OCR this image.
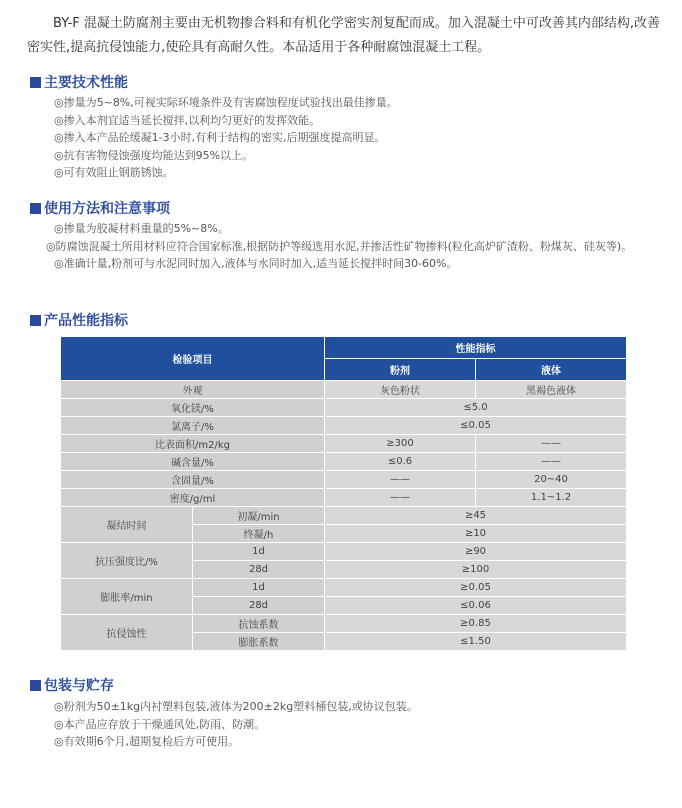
BY-F 混凝土防腐剂主要由无机物掺合料和有机化学密实剂复配而成。加入混凝土中可改善其内部结构,改善密实性,提高抗侵蚀能力,使砼具有高耐久性。本品适用于各种耐腐蚀混凝土工程。
主要技术性能
◎掺量为5~8%,可视实际环境条件及有害腐蚀程度试验找出最佳掺量。
◎掺入本剂宜适当延长搅拌,以利均匀更好的发挥效能。
◎掺入本产品砼缓凝1-3小时,有利于结构的密实,后期强度提高明显。
◎抗有害物侵蚀强度均能达到95%以上。
◎可有效阻止钢筋锈蚀。
使用方法和注意事项
◎掺量为胶凝材料重量的5%~8%。
◎防腐蚀混凝土所用材料应符合国家标准,根据防护等级选用水泥,并掺活性矿物掺料(粒化高炉矿渣粉、粉煤灰、硅灰等)。
◎准确计量,粉剂可与水泥同时加入,液体与水同时加入,适当延长搅拌时间30-60%。
产品性能指标
检验项目		性能指标	
		粉剂	液体
外观		灰色粉状	黑褐色液体
氧化镁/%		≤5.0	
氯离子/%		≤0.05	
比表面积/m2/kg		≥300	——
碱含量/%		≤0.6	——
含固量/%		——	20~40
密度/g/ml		——	1.1~1.2
凝结时间	初凝/min	≥45	
	终凝/h	≥10	
抗压强度比/%	1d	≥90	
	28d	≥100	
膨胀率/min	1d	≥0.05	
	28d	≤0.06	
抗侵蚀性	抗蚀系数	≥0.85	
	膨胀系数	≤1.50	
包装与贮存
◎粉剂为50±1kg内衬塑料包装,液体为200±2kg塑料桶包装,或协议包装。
◎本产品应存放于干燥通风处,防雨、防潮。
◎有效期6个月,超期复检后方可使用。
